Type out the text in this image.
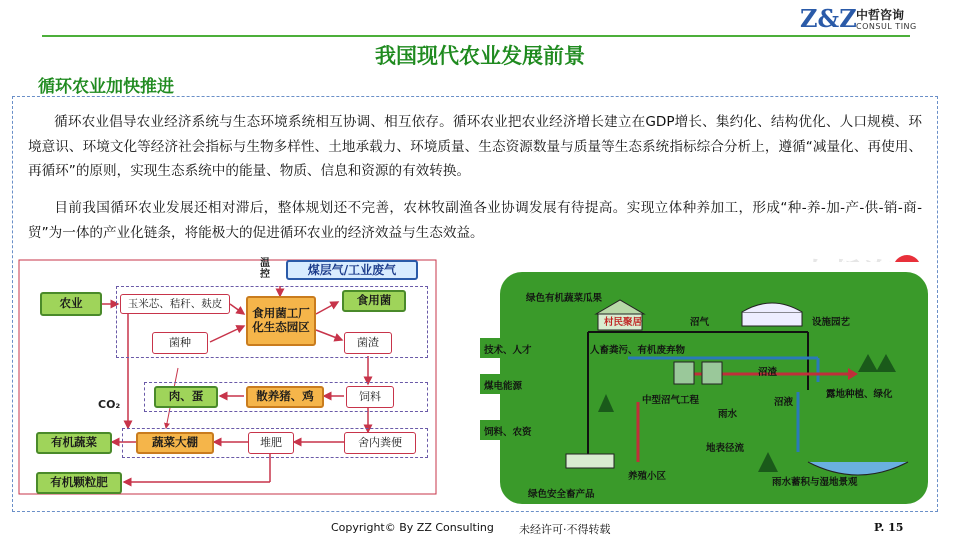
Z&Z 中哲咨询
CONSUL TING
我国现代农业发展前景
循环农业加快推进
循环农业倡导农业经济系统与生态环境系统相互协调、相互依存。循环农业把农业经济增长建立在GDP增长、集约化、结构优化、人口规模、环境意识、环境文化等经济社会指标与生物多样性、土地承载力、环境质量、生态资源数量与质量等生态系统指标综合分析上，遵循“减量化、再使用、再循环”的原则，实现生态系统中的能量、物质、信息和资源的有效转换。
目前我国循环农业发展还相对滞后，整体规划还不完善，农林牧副渔各业协调发展有待提高。实现立体种养加工，形成“种-养-加-产-供-销-商-贸”为一体的产业化链条，将能极大的促进循环农业的经济效益与生态效益。
温
控	煤层气/工业废气
农业	玉米芯、秸秆、麸皮
食用菌工厂化生态园区
食用菌
菌种	菌渣
肉、蛋	散养猪、鸡	饲料
CO₂
有机蔬菜	蔬菜大棚	堆肥	舍内粪便
有机颗粒肥
绿色有机蔬菜瓜果
村民聚居	沼气	设施园艺
技术、人才	人畜粪污、有机废弃物
煤电能源
沼渣
中型沼气工程	沼液
露地种植、绿化
饲料、农资
雨水
地表径流
养殖小区
绿色安全畜产品
雨水蓄积与湿地景观
Copyright© By ZZ Consulting 未经许可·不得转载	P. 15
